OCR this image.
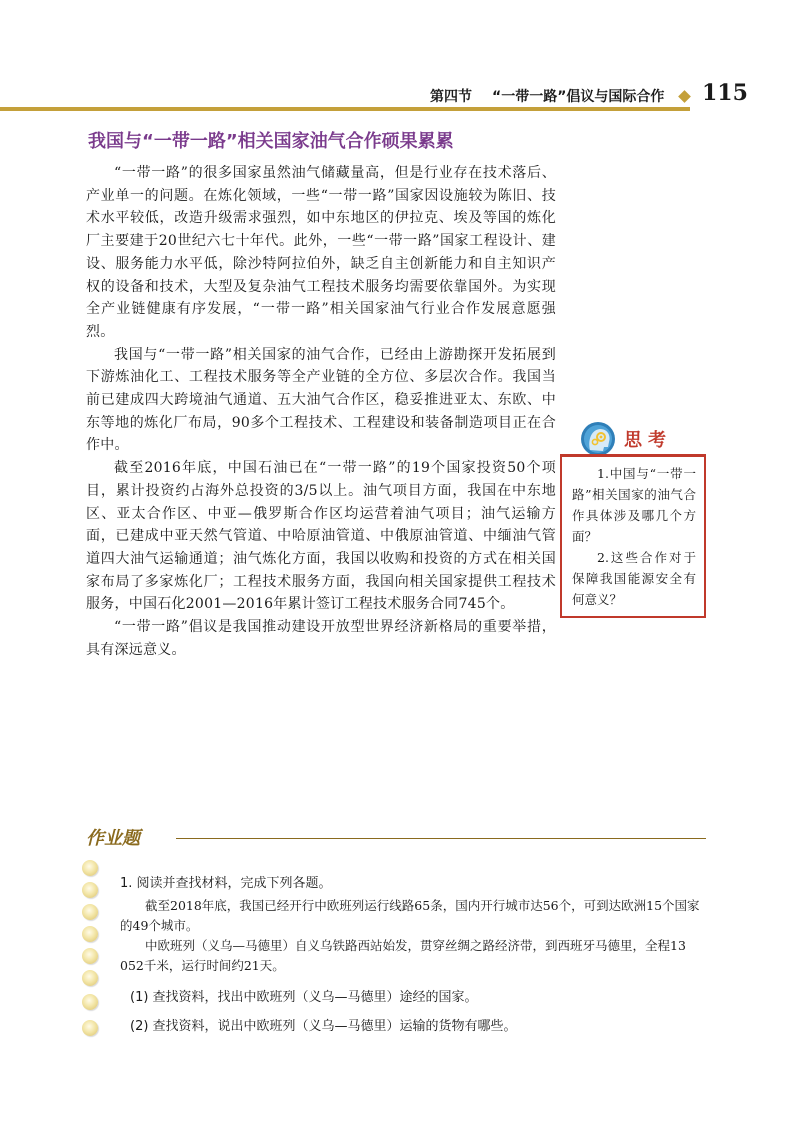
第四节 “一带一路”倡议与国际合作 115
我国与“一带一路”相关国家油气合作硕果累累

“一带一路”的很多国家虽然油气储藏量高，但是行业存在技术落后、产业单一的问题。在炼化领域，一些“一带一路”国家因设施较为陈旧、技术水平较低，改造升级需求强烈，如中东地区的伊拉克、埃及等国的炼化厂主要建于20世纪六七十年代。此外，一些“一带一路”国家工程设计、建设、服务能力水平低，除沙特阿拉伯外，缺乏自主创新能力和自主知识产权的设备和技术，大型及复杂油气工程技术服务均需要依靠国外。为实现全产业链健康有序发展，“一带一路”相关国家油气行业合作发展意愿强烈。

我国与“一带一路”相关国家的油气合作，已经由上游勘探开发拓展到下游炼油化工、工程技术服务等全产业链的全方位、多层次合作。我国当前已建成四大跨境油气通道、五大油气合作区，稳妥推进亚太、东欧、中东等地的炼化厂布局，90多个工程技术、工程建设和装备制造项目正在合作中。

截至2016年底，中国石油已在“一带一路”的19个国家投资50个项目，累计投资约占海外总投资的3/5以上。油气项目方面，我国在中东地区、亚太合作区、中亚—俄罗斯合作区均运营着油气项目；油气运输方面，已建成中亚天然气管道、中哈原油管道、中俄原油管道、中缅油气管道四大油气运输通道；油气炼化方面，我国以收购和投资的方式在相关国家布局了多家炼化厂；工程技术服务方面，我国向相关国家提供工程技术服务，中国石化2001—2016年累计签订工程技术服务合同745个。

“一带一路”倡议是我国推动建设开放型世界经济新格局的重要举措，具有深远意义。

思考

1.中国与“一带一路”相关国家的油气合作具体涉及哪几个方面？

2.这些合作对于保障我国能源安全有何意义？

作业题
1. 阅读并查找材料，完成下列各题。

截至2018年底，我国已经开行中欧班列运行线路65条，国内开行城市达56个，可到达欧洲15个国家的49个城市。

中欧班列（义乌—马德里）自义乌铁路西站始发，贯穿丝绸之路经济带，到西班牙马德里，全程13 052千米，运行时间约21天。

(1) 查找资料，找出中欧班列（义乌—马德里）途经的国家。
(2) 查找资料，说出中欧班列（义乌—马德里）运输的货物有哪些。
